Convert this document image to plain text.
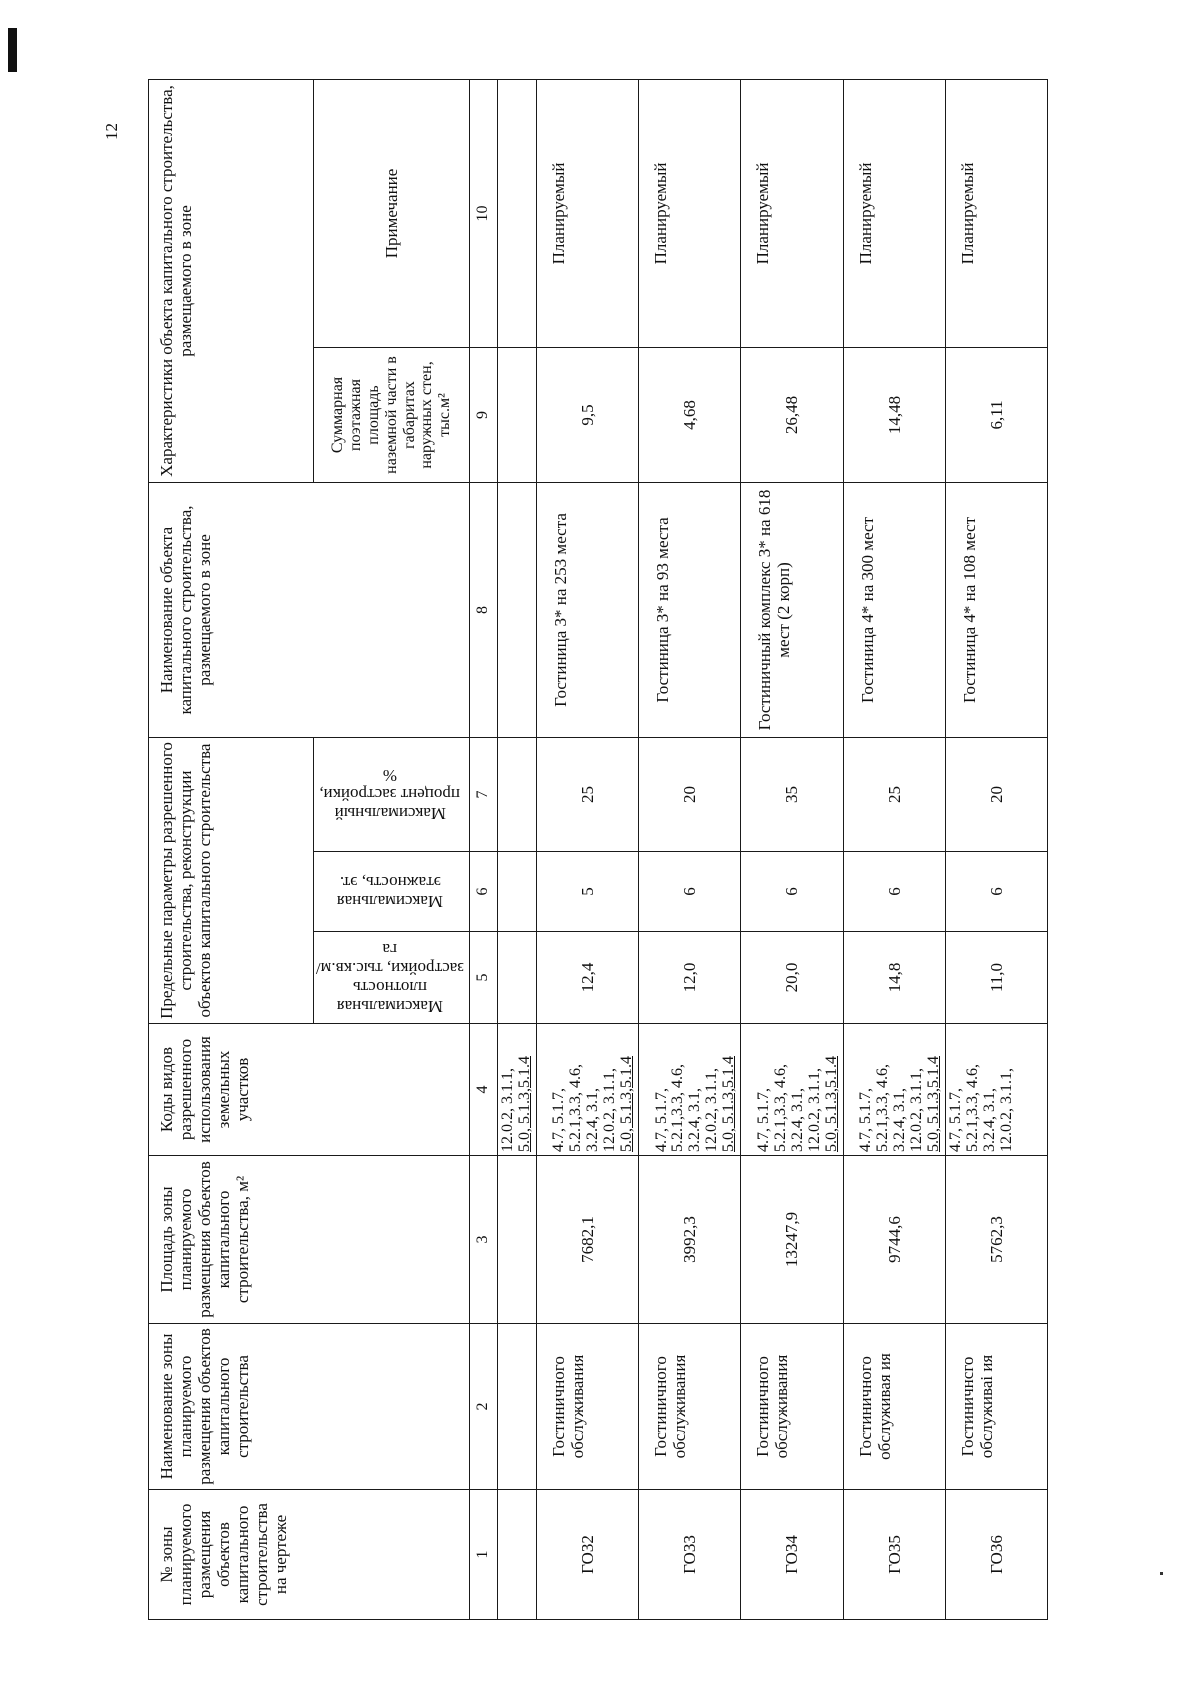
12
№ зоны планируемого размещения объектов капитального строительства на чертеже	Наименование зоны планируемого размещения объектов капитального строительства	Площадь зоны планируемого размещения объектов капитального строительства, м²	Коды видов разрешенного использования земельных участков	Предельные параметры разрешенного строительства, реконструкции объектов капитального строительства			Наименование объекта капитального строительства, размещаемого в зоне	Характеристики объекта капитального строительства, размещаемого в зоне	
				Максимальная плотность застройки, тыс.кв.м/га	Максимальная этажность, эт.	Максимальный процент застройки, %		Суммарная поэтажная площадь наземной части в габаритах наружных стен, тыс.м²	Примечание
1	2	3	4	5	6	7	8	9	10

			12.0.2, 3.1.1, 5.0, 5.1.3,5.1.4						

ГО32	Гостиничного обслуживания	7682,1	4.7, 5.1.7, 5.2.1,3.3, 4.6, 3.2.4, 3.1, 12.0.2, 3.1.1, 5.0, 5.1.3,5.1.4	12,4	5	25	Гостиница 3* на 253 места	9,5	Планируемый
ГО33	Гостиничного обслуживания	3992,3	4.7, 5.1.7, 5.2.1,3.3, 4.6, 3.2.4, 3.1, 12.0.2, 3.1.1, 5.0, 5.1.3,5.1.4	12,0	6	20	Гостиница 3* на 93 места	4,68	Планируемый
ГО34	Гостиничного обслуживания	13247,9	4.7, 5.1.7, 5.2.1,3.3, 4.6, 3.2.4, 3.1, 12.0.2, 3.1.1, 5.0, 5.1.3,5.1.4	20,0	6	35	Гостиничный комплекс 3* на 618 мест (2 корп)	26,48	Планируемый
ГО35	Гостиничного обслуживая ия	9744,6	4.7, 5.1.7, 5.2.1,3.3, 4.6, 3.2.4, 3.1, 12.0.2, 3.1.1, 5.0, 5.1.3,5.1.4	14,8	6	25	Гостиница 4* на 300 мест	14,48	Планируемый
ГО36	Гостиничнсго обслуживаі ия	5762,3	4.7, 5.1.7, 5.2.1,3.3, 4.6, 3.2.4, 3.1, 12.0.2, 3.1.1,	11,0	6	20	Гостиница 4* на 108 мест	6,11	Планируемый
